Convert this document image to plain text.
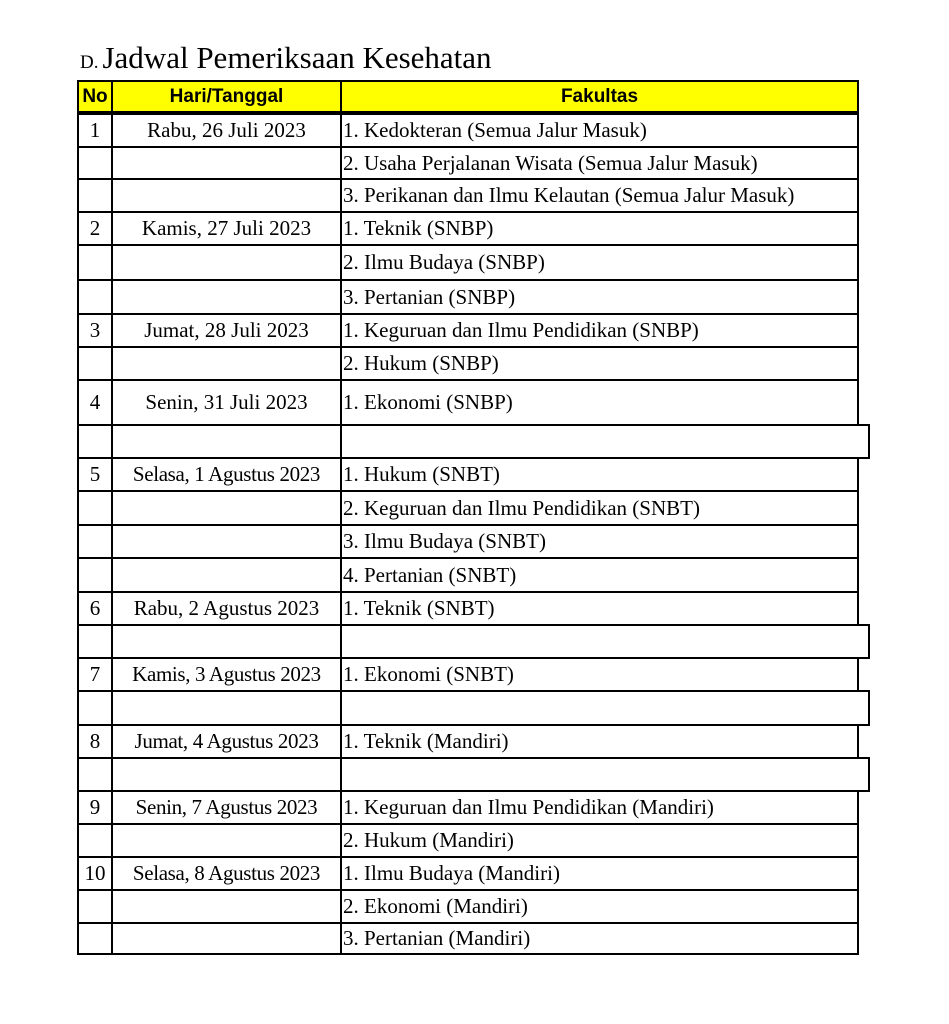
D. Jadwal Pemeriksaan Kesehatan
No	Hari/Tanggal	Fakultas
1	Rabu, 26 Juli 2023	1. Kedokteran (Semua Jalur Masuk)
2. Usaha Perjalanan Wisata (Semua Jalur Masuk)
3. Perikanan dan Ilmu Kelautan (Semua Jalur Masuk)
2	Kamis, 27 Juli 2023	1. Teknik (SNBP)
2. Ilmu Budaya (SNBP)
3. Pertanian (SNBP)
3	Jumat, 28 Juli 2023	1. Keguruan dan Ilmu Pendidikan (SNBP)
2. Hukum (SNBP)
4	Senin, 31 Juli 2023	1. Ekonomi (SNBP)
5	Selasa, 1 Agustus 2023	1. Hukum (SNBT)
2. Keguruan dan Ilmu Pendidikan (SNBT)
3. Ilmu Budaya (SNBT)
4. Pertanian (SNBT)
6	Rabu, 2 Agustus 2023	1. Teknik (SNBT)
7	Kamis, 3 Agustus 2023	1. Ekonomi (SNBT)
8	Jumat, 4 Agustus 2023	1. Teknik (Mandiri)
9	Senin, 7 Agustus 2023	1. Keguruan dan Ilmu Pendidikan (Mandiri)
2. Hukum (Mandiri)
10	Selasa, 8 Agustus 2023	1. Ilmu Budaya (Mandiri)
2. Ekonomi (Mandiri)
3. Pertanian (Mandiri)
